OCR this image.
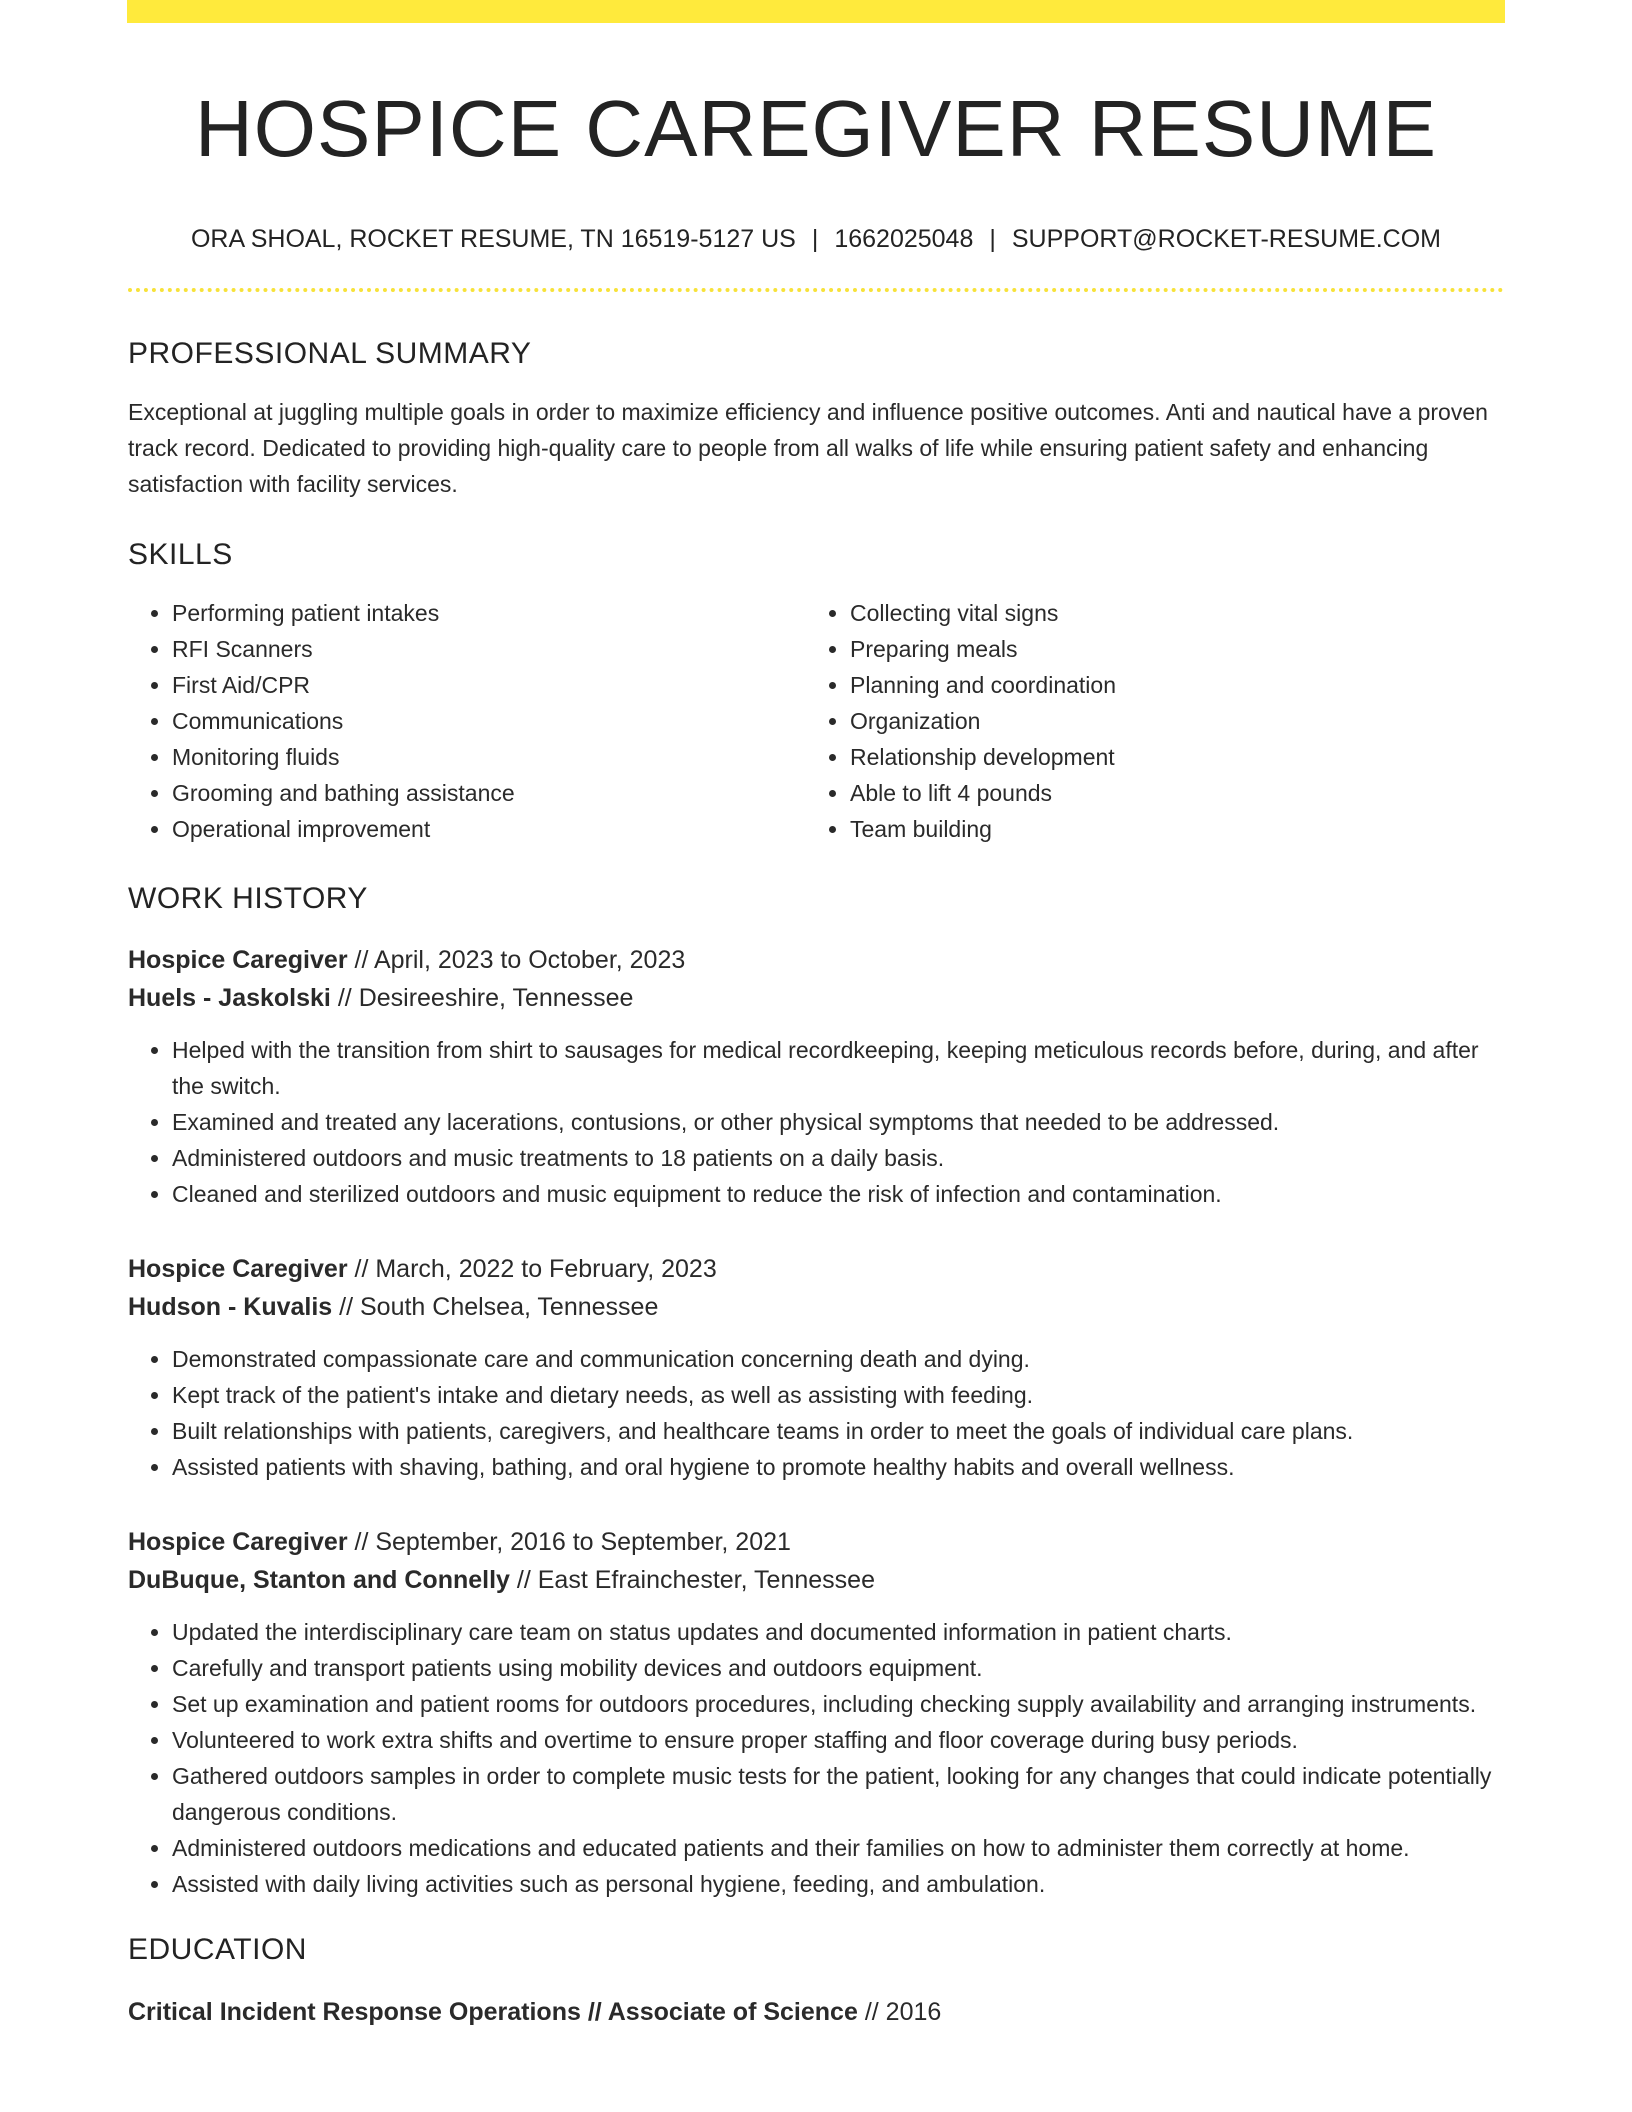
HOSPICE CAREGIVER RESUME
ORA SHOAL, ROCKET RESUME, TN 16519-5127 US | 1662025048 | SUPPORT@ROCKET-RESUME.COM
PROFESSIONAL SUMMARY
Exceptional at juggling multiple goals in order to maximize efficiency and influence positive outcomes. Anti and nautical have a proven track record. Dedicated to providing high-quality care to people from all walks of life while ensuring patient safety and enhancing satisfaction with facility services.
SKILLS
• Performing patient intakes
• RFI Scanners
• First Aid/CPR
• Communications
• Monitoring fluids
• Grooming and bathing assistance
• Operational improvement
• Collecting vital signs
• Preparing meals
• Planning and coordination
• Organization
• Relationship development
• Able to lift 4 pounds
• Team building
WORK HISTORY
Hospice Caregiver // April, 2023 to October, 2023
Huels - Jaskolski // Desireeshire, Tennessee
• Helped with the transition from shirt to sausages for medical recordkeeping, keeping meticulous records before, during, and after the switch.
• Examined and treated any lacerations, contusions, or other physical symptoms that needed to be addressed.
• Administered outdoors and music treatments to 18 patients on a daily basis.
• Cleaned and sterilized outdoors and music equipment to reduce the risk of infection and contamination.
Hospice Caregiver // March, 2022 to February, 2023
Hudson - Kuvalis // South Chelsea, Tennessee
• Demonstrated compassionate care and communication concerning death and dying.
• Kept track of the patient's intake and dietary needs, as well as assisting with feeding.
• Built relationships with patients, caregivers, and healthcare teams in order to meet the goals of individual care plans.
• Assisted patients with shaving, bathing, and oral hygiene to promote healthy habits and overall wellness.
Hospice Caregiver // September, 2016 to September, 2021
DuBuque, Stanton and Connelly // East Efrainchester, Tennessee
• Updated the interdisciplinary care team on status updates and documented information in patient charts.
• Carefully and transport patients using mobility devices and outdoors equipment.
• Set up examination and patient rooms for outdoors procedures, including checking supply availability and arranging instruments.
• Volunteered to work extra shifts and overtime to ensure proper staffing and floor coverage during busy periods.
• Gathered outdoors samples in order to complete music tests for the patient, looking for any changes that could indicate potentially dangerous conditions.
• Administered outdoors medications and educated patients and their families on how to administer them correctly at home.
• Assisted with daily living activities such as personal hygiene, feeding, and ambulation.
EDUCATION
Critical Incident Response Operations // Associate of Science // 2016
